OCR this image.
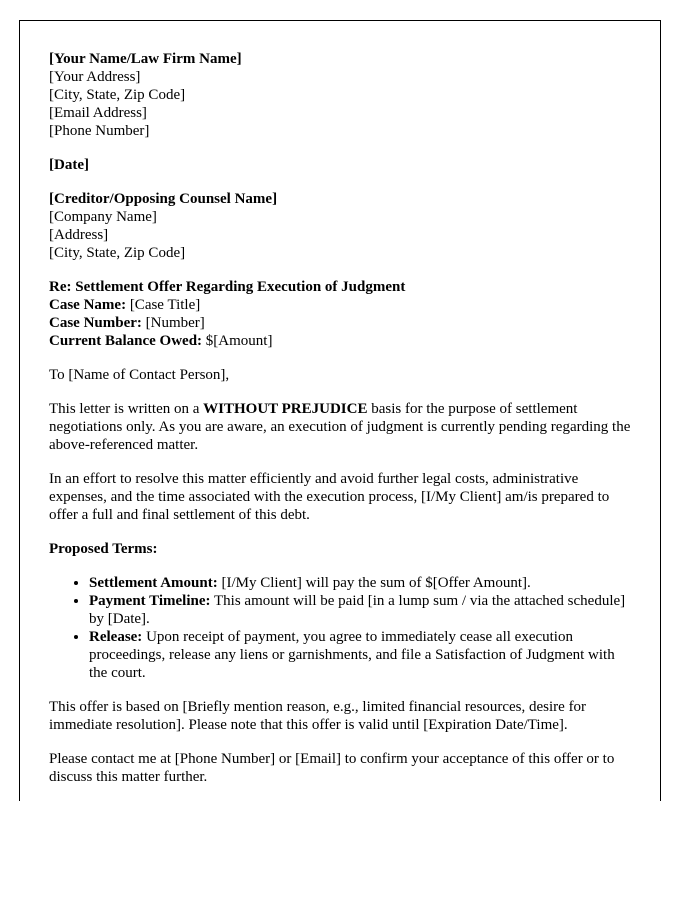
[Your Name/Law Firm Name]
[Your Address]
[City, State, Zip Code]
[Email Address]
[Phone Number]
[Date]
[Creditor/Opposing Counsel Name]
[Company Name]
[Address]
[City, State, Zip Code]
Re: Settlement Offer Regarding Execution of Judgment
Case Name: [Case Title]
Case Number: [Number]
Current Balance Owed: $[Amount]

To [Name of Contact Person],

This letter is written on a WITHOUT PREJUDICE basis for the purpose of settlement negotiations only. As you are aware, an execution of judgment is currently pending regarding the above-referenced matter.

In an effort to resolve this matter efficiently and avoid further legal costs, administrative expenses, and the time associated with the execution process, [I/My Client] am/is prepared to offer a full and final settlement of this debt.

Proposed Terms:

• Settlement Amount: [I/My Client] will pay the sum of $[Offer Amount].
• Payment Timeline: This amount will be paid [in a lump sum / via the attached schedule] by [Date].
• Release: Upon receipt of payment, you agree to immediately cease all execution proceedings, release any liens or garnishments, and file a Satisfaction of Judgment with the court.

This offer is based on [Briefly mention reason, e.g., limited financial resources, desire for immediate resolution]. Please note that this offer is valid until [Expiration Date/Time].

Please contact me at [Phone Number] or [Email] to confirm your acceptance of this offer or to discuss this matter further.
